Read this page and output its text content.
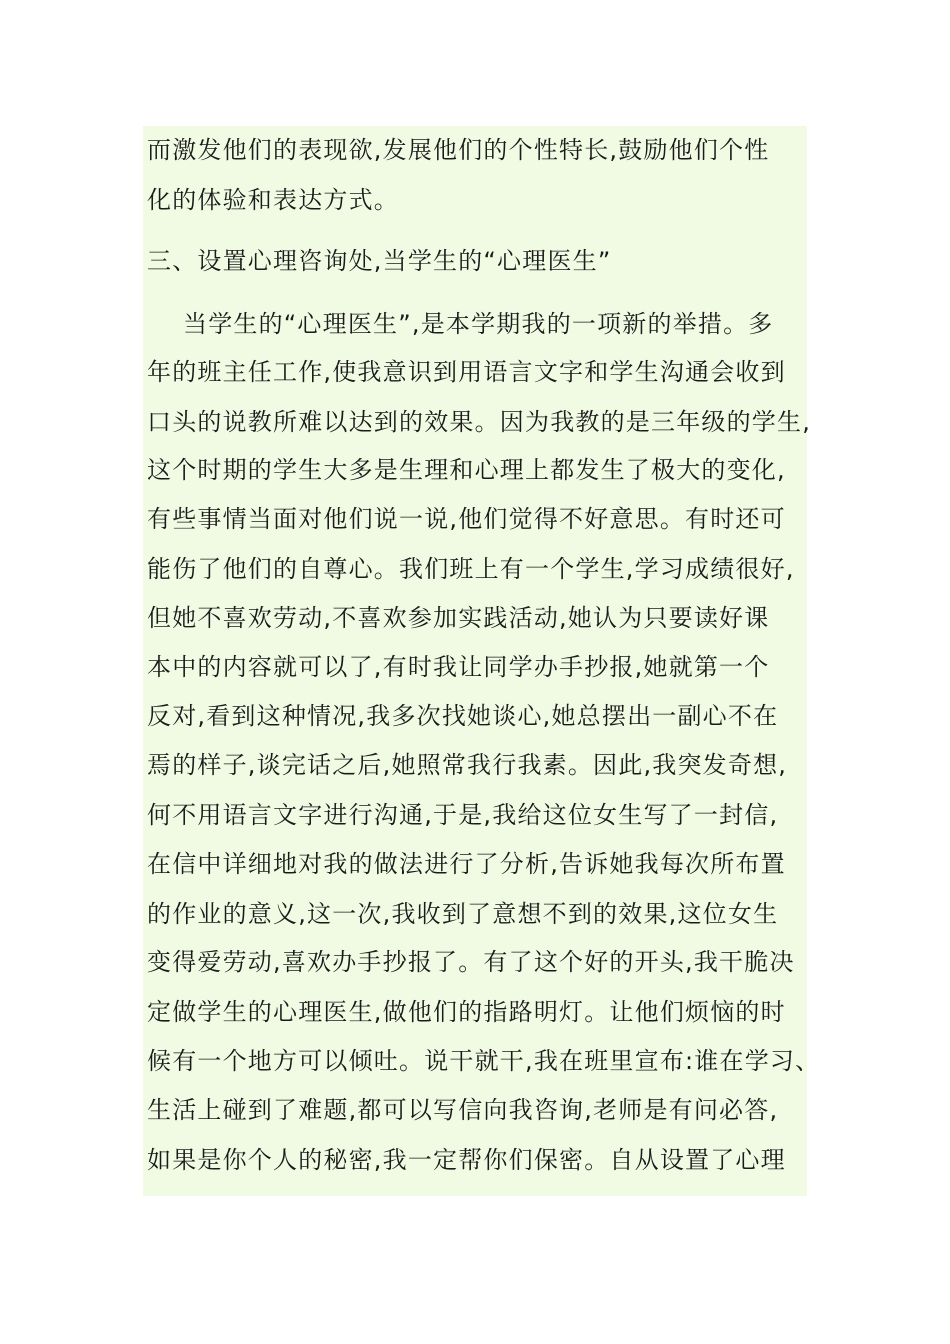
而激发他们的表现欲,发展他们的个性特长,鼓励他们个性
化的体验和表达方式。
三、设置心理咨询处,当学生的“心理医生”
当学生的“心理医生”,是本学期我的一项新的举措。多
年的班主任工作,使我意识到用语言文字和学生沟通会收到
口头的说教所难以达到的效果。因为我教的是三年级的学生,
这个时期的学生大多是生理和心理上都发生了极大的变化,
有些事情当面对他们说一说,他们觉得不好意思。有时还可
能伤了他们的自尊心。我们班上有一个学生,学习成绩很好,
但她不喜欢劳动,不喜欢参加实践活动,她认为只要读好课
本中的内容就可以了,有时我让同学办手抄报,她就第一个
反对,看到这种情况,我多次找她谈心,她总摆出一副心不在
焉的样子,谈完话之后,她照常我行我素。因此,我突发奇想,
何不用语言文字进行沟通,于是,我给这位女生写了一封信,
在信中详细地对我的做法进行了分析,告诉她我每次所布置
的作业的意义,这一次,我收到了意想不到的效果,这位女生
变得爱劳动,喜欢办手抄报了。有了这个好的开头,我干脆决
定做学生的心理医生,做他们的指路明灯。让他们烦恼的时
候有一个地方可以倾吐。说干就干,我在班里宣布:谁在学习、
生活上碰到了难题,都可以写信向我咨询,老师是有问必答,
如果是你个人的秘密,我一定帮你们保密。自从设置了心理
